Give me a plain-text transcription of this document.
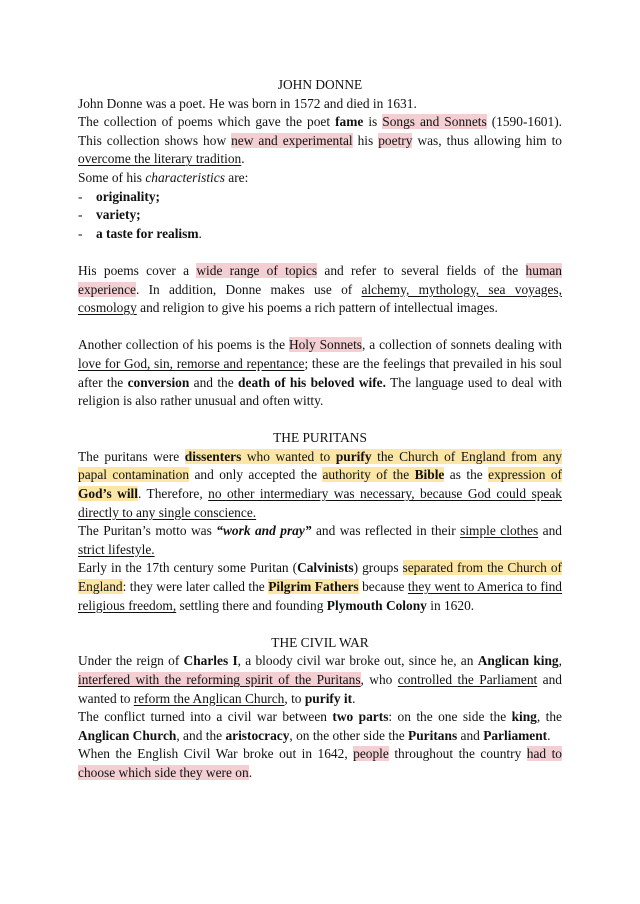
JOHN DONNE

John Donne was a poet. He was born in 1572 and died in 1631.

The collection of poems which gave the poet fame is Songs and Sonnets (1590-1601). This collection shows how new and experimental his poetry was, thus allowing him to overcome the literary tradition.

Some of his characteristics are:

- originality;
- variety;
- a taste for realism.

His poems cover a wide range of topics and refer to several fields of the human experience. In addition, Donne makes use of alchemy, mythology, sea voyages, cosmology and religion to give his poems a rich pattern of intellectual images.

Another collection of his poems is the Holy Sonnets, a collection of sonnets dealing with love for God, sin, remorse and repentance; these are the feelings that prevailed in his soul after the conversion and the death of his beloved wife. The language used to deal with religion is also rather unusual and often witty.

THE PURITANS

The puritans were dissenters who wanted to purify the Church of England from any papal contamination and only accepted the authority of the Bible as the expression of God’s will. Therefore, no other intermediary was necessary, because God could speak directly to any single conscience.

The Puritan’s motto was “work and pray” and was reflected in their simple clothes and strict lifestyle.

Early in the 17th century some Puritan (Calvinists) groups separated from the Church of England: they were later called the Pilgrim Fathers because they went to America to find religious freedom, settling there and founding Plymouth Colony in 1620.

THE CIVIL WAR

Under the reign of Charles I, a bloody civil war broke out, since he, an Anglican king, interfered with the reforming spirit of the Puritans, who controlled the Parliament and wanted to reform the Anglican Church, to purify it.

The conflict turned into a civil war between two parts: on the one side the king, the Anglican Church, and the aristocracy, on the other side the Puritans and Parliament.

When the English Civil War broke out in 1642, people throughout the country had to choose which side they were on.
